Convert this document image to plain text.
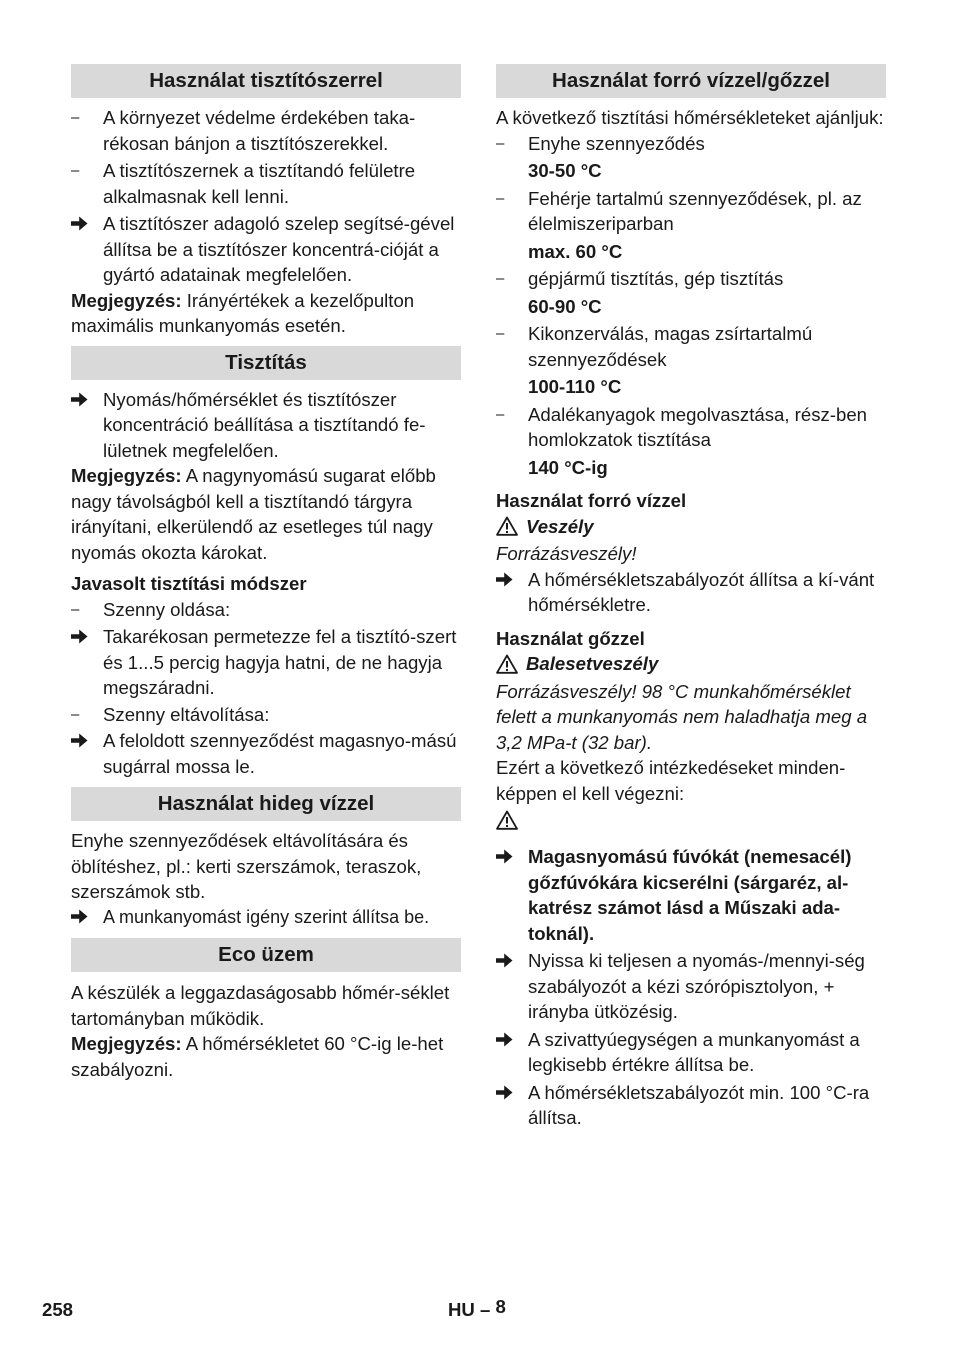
Használat tisztítószerrel
–	A környezet védelme érdekében taka-rékosan bánjon a tisztítószerekkel.
–	A tisztítószernek a tisztítandó felületre alkalmasnak kell lenni.
A tisztítószer adagoló szelep segítsé-gével állítsa be a tisztítószer koncentrá-cióját a gyártó adatainak megfelelően.

Megjegyzés: Irányértékek a kezelőpulton maximális munkanyomás esetén.

Tisztítás
Nyomás/hőmérséklet és tisztítószer koncentráció beállítása a tisztítandó fe-lületnek megfelelően.

Megjegyzés: A nagynyomású sugarat előbb nagy távolságból kell a tisztítandó tárgyra irányítani, elkerülendő az esetleges túl nagy nyomás okozta károkat.

Javasolt tisztítási módszer

–	Szenny oldása:
Takarékosan permetezze fel a tisztító-szert és 1...5 percig hagyja hatni, de ne hagyja megszáradni.
–	Szenny eltávolítása:
A feloldott szennyeződést magasnyo-mású sugárral mossa le.
Használat hideg vízzel

Enyhe szennyeződések eltávolítására és öblítéshez, pl.: kerti szerszámok, teraszok, szerszámok stb.

A munkanyomást igény szerint állítsa be.
Eco üzem

A készülék a leggazdaságosabb hőmér-séklet tartományban működik.

Megjegyzés: A hőmérsékletet 60 °C-ig le-het szabályozni.

Használat forró vízzel/gőzzel

A következő tisztítási hőmérsékleteket ajánljuk:

–	Enyhe szennyeződés

30-50 °C

–	Fehérje tartalmú szennyeződések, pl. az élelmiszeriparban

max. 60 °C

–	gépjármű tisztítás, gép tisztítás

60-90 °C

–	Kikonzerválás, magas zsírtartalmú szennyeződések

100-110 °C

–	Adalékanyagok megolvasztása, rész-ben homlokzatok tisztítása

140 °C-ig

Használat forró vízzel

Veszély

Forrázásveszély!

A hőmérsékletszabályozót állítsa a kí-vánt hőmérsékletre.

Használat gőzzel

Balesetveszély

Forrázásveszély! 98 °C munkahőmérséklet felett a munkanyomás nem haladhatja meg a 3,2 MPa-t (32 bar).

Ezért a következő intézkedéseket minden-képpen el kell végezni:

Magasnyomású fúvókát (nemesacél) gőzfúvókára kicserélni (sárgaréz, al-katrész számot lásd a Műszaki ada-toknál).
Nyissa ki teljesen a nyomás-/mennyi-ség szabályozót a kézi szórópisztolyon, + irányba ütközésig.
A szivattyúegységen a munkanyomást a legkisebb értékre állítsa be.
A hőmérsékletszabályozót min. 100 °C-ra állítsa.
258	HU – 8
